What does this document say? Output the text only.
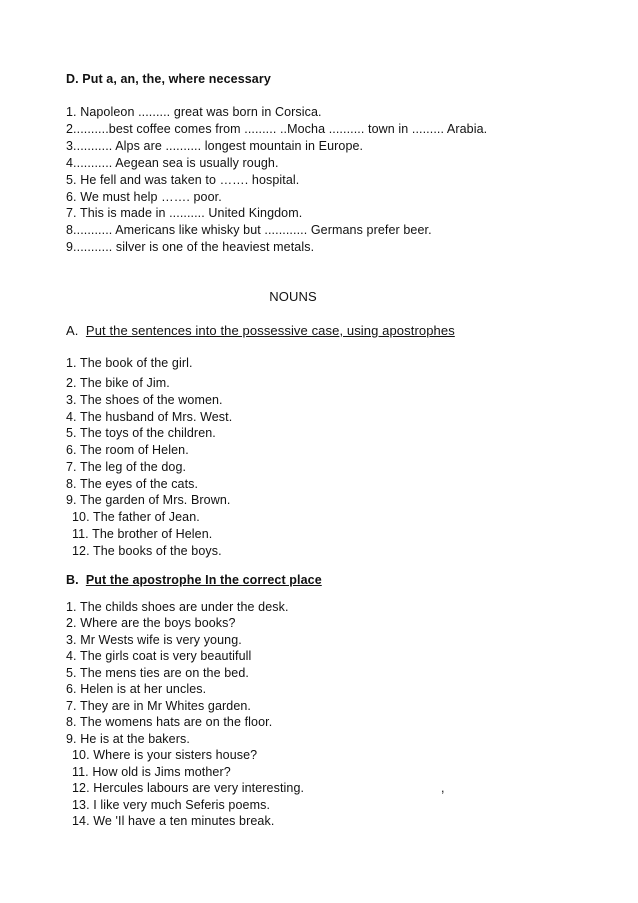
D. Put a, an, the, where necessary
1. Napoleon ......... great was born in Corsica.
2..........best coffee comes from ......... ..Mocha .......... town in ......... Arabia.
3........... Alps are .......... longest mountain in Europe.
4........... Aegean sea is usually rough.
5. He fell and was taken to ……. hospital.
6. We must help ……. poor.
7. This is made in .......... United Kingdom.
8........... Americans like whisky but ............ Germans prefer beer.
9........... silver is one of the heaviest metals.
NOUNS
A. Put the sentences into the possessive case, using apostrophes
1. The book of the girl.
2. The bike of Jim.
3. The shoes of the women.
4. The husband of Mrs. West.
5. The toys of the children.
6. The room of Helen.
7. The leg of the dog.
8. The eyes of the cats.
9. The garden of Mrs. Brown.
10. The father of Jean.
11. The brother of Helen.
12. The books of the boys.
B. Put the apostrophe In the correct place
1. The childs shoes are under the desk.
2. Where are the boys books?
3. Mr Wests wife is very young.
4. The girls coat is very beautifull
5. The mens ties are on the bed.
6. Helen is at her uncles.
7. They are in Mr Whites garden.
8. The womens hats are on the floor.
9. He is at the bakers.
10. Where is your sisters house?
11. How old is Jims mother?
12. Hercules labours are very interesting.	,
13. I like very much Seferis poems.
14. We 'Il have a ten minutes break.
